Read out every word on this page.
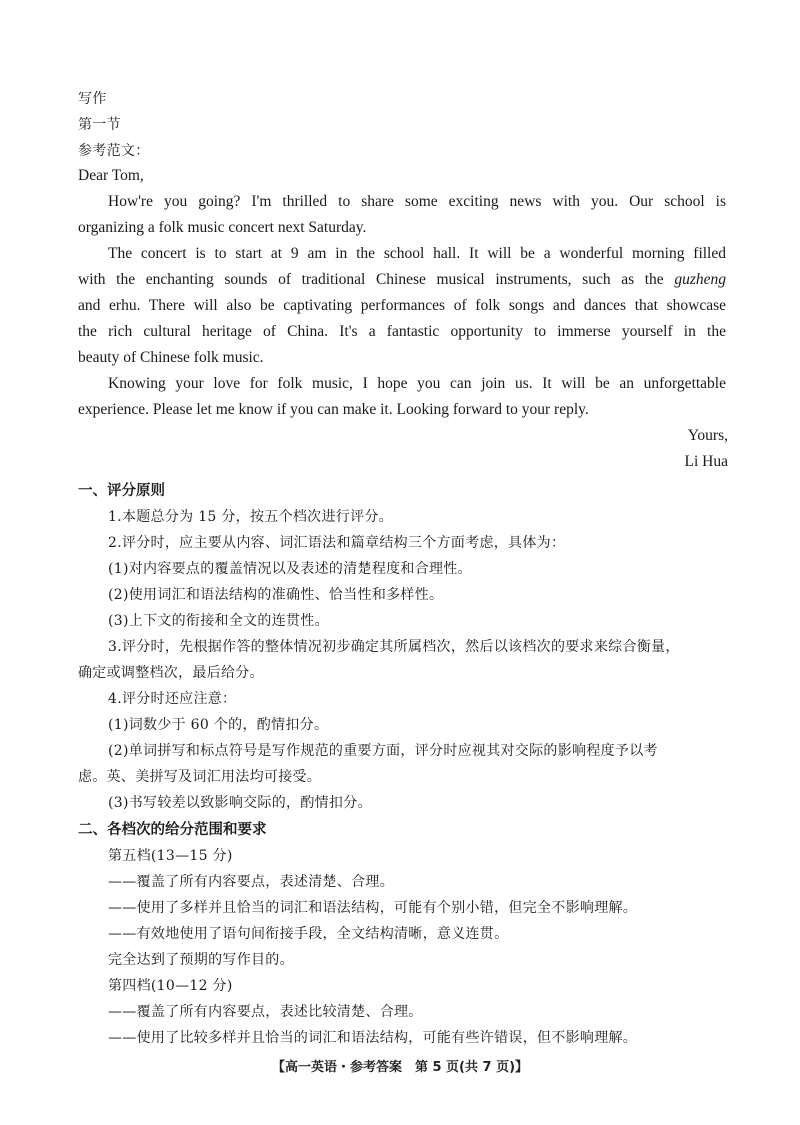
写作
第一节
参考范文：
Dear Tom,
How're you going? I'm thrilled to share some exciting news with you. Our school is
organizing a folk music concert next Saturday.
The concert is to start at 9 am in the school hall. It will be a wonderful morning filled
with the enchanting sounds of traditional Chinese musical instruments, such as the guzheng
and erhu. There will also be captivating performances of folk songs and dances that showcase
the rich cultural heritage of China. It's a fantastic opportunity to immerse yourself in the
beauty of Chinese folk music.
Knowing your love for folk music, I hope you can join us. It will be an unforgettable
experience. Please let me know if you can make it. Looking forward to your reply.
Yours,
Li Hua
一、评分原则
1.本题总分为 15 分，按五个档次进行评分。
2.评分时，应主要从内容、词汇语法和篇章结构三个方面考虑，具体为：
(1)对内容要点的覆盖情况以及表述的清楚程度和合理性。
(2)使用词汇和语法结构的准确性、恰当性和多样性。
(3)上下文的衔接和全文的连贯性。
3.评分时，先根据作答的整体情况初步确定其所属档次，然后以该档次的要求来综合衡量，
确定或调整档次，最后给分。
4.评分时还应注意：
(1)词数少于 60 个的，酌情扣分。
(2)单词拼写和标点符号是写作规范的重要方面，评分时应视其对交际的影响程度予以考
虑。英、美拼写及词汇用法均可接受。
(3)书写较差以致影响交际的，酌情扣分。
二、各档次的给分范围和要求
第五档(13—15 分)
——覆盖了所有内容要点，表述清楚、合理。
——使用了多样并且恰当的词汇和语法结构，可能有个别小错，但完全不影响理解。
——有效地使用了语句间衔接手段，全文结构清晰，意义连贯。
完全达到了预期的写作目的。
第四档(10—12 分)
——覆盖了所有内容要点，表述比较清楚、合理。
——使用了比较多样并且恰当的词汇和语法结构，可能有些许错误，但不影响理解。
【高一英语・参考答案　第 5 页(共 7 页)】
